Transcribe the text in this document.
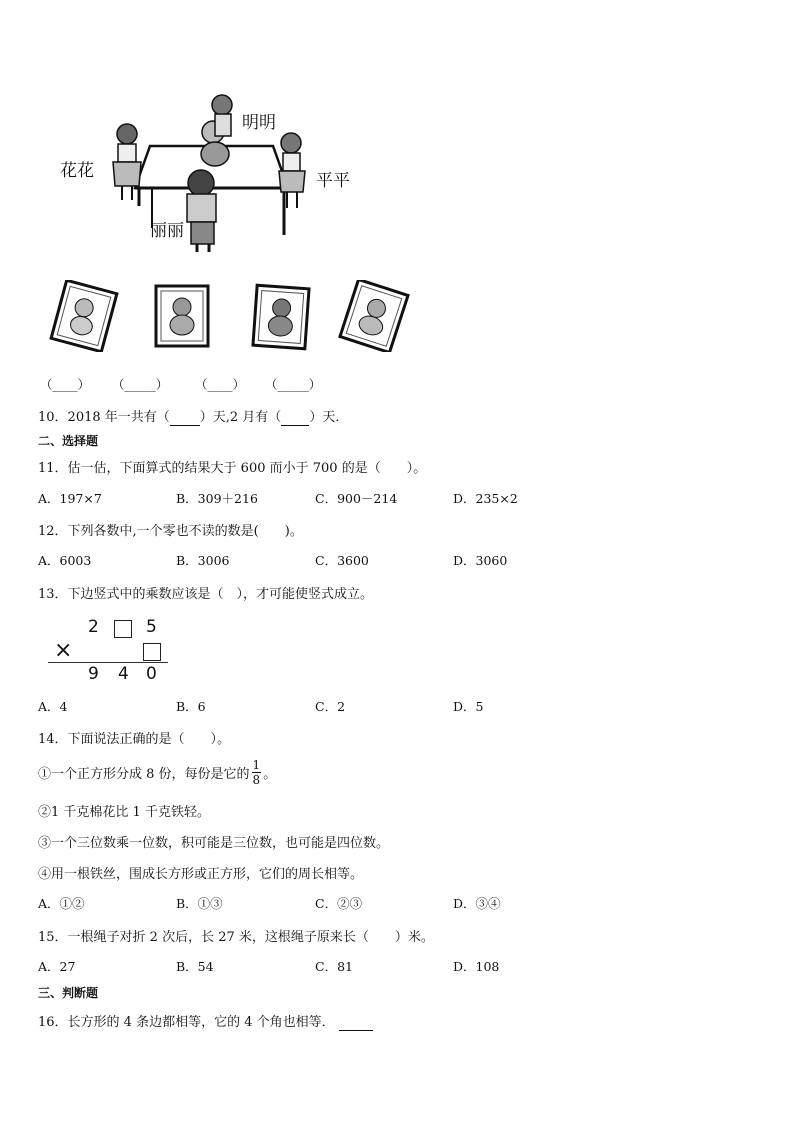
明明
花花	平平
丽丽
（____） （_____） （____） （_____）
10．2018 年一共有（ ）天,2 月有（ ）天．
二、选择题
11．估一估，下面算式的结果大于 600 而小于 700 的是（　　）。
A．197×7	B．309＋216	C．900－214	D．235×2
12．下列各数中,一个零也不读的数是(　　)。
A．6003	B．3006	C．3600	D．3060
13．下边竖式中的乘数应该是（　），才可能使竖式成立。
2	5
×
9 4 0
A．4	B．6	C．2	D．5
14．下面说法正确的是（　　）。
①一个正方形分成 8 份，每份是它的 $\frac{1}{8}$ 。
②1 千克棉花比 1 千克铁轻。
③一个三位数乘一位数，积可能是三位数，也可能是四位数。
④用一根铁丝，围成长方形或正方形，它们的周长相等。
A．①②	B．①③	C．②③	D．③④
15．一根绳子对折 2 次后，长 27 米，这根绳子原来长（　　）米。
A．27	B．54	C．81	D．108
三、判断题
16．长方形的 4 条边都相等，它的 4 个角也相等．
